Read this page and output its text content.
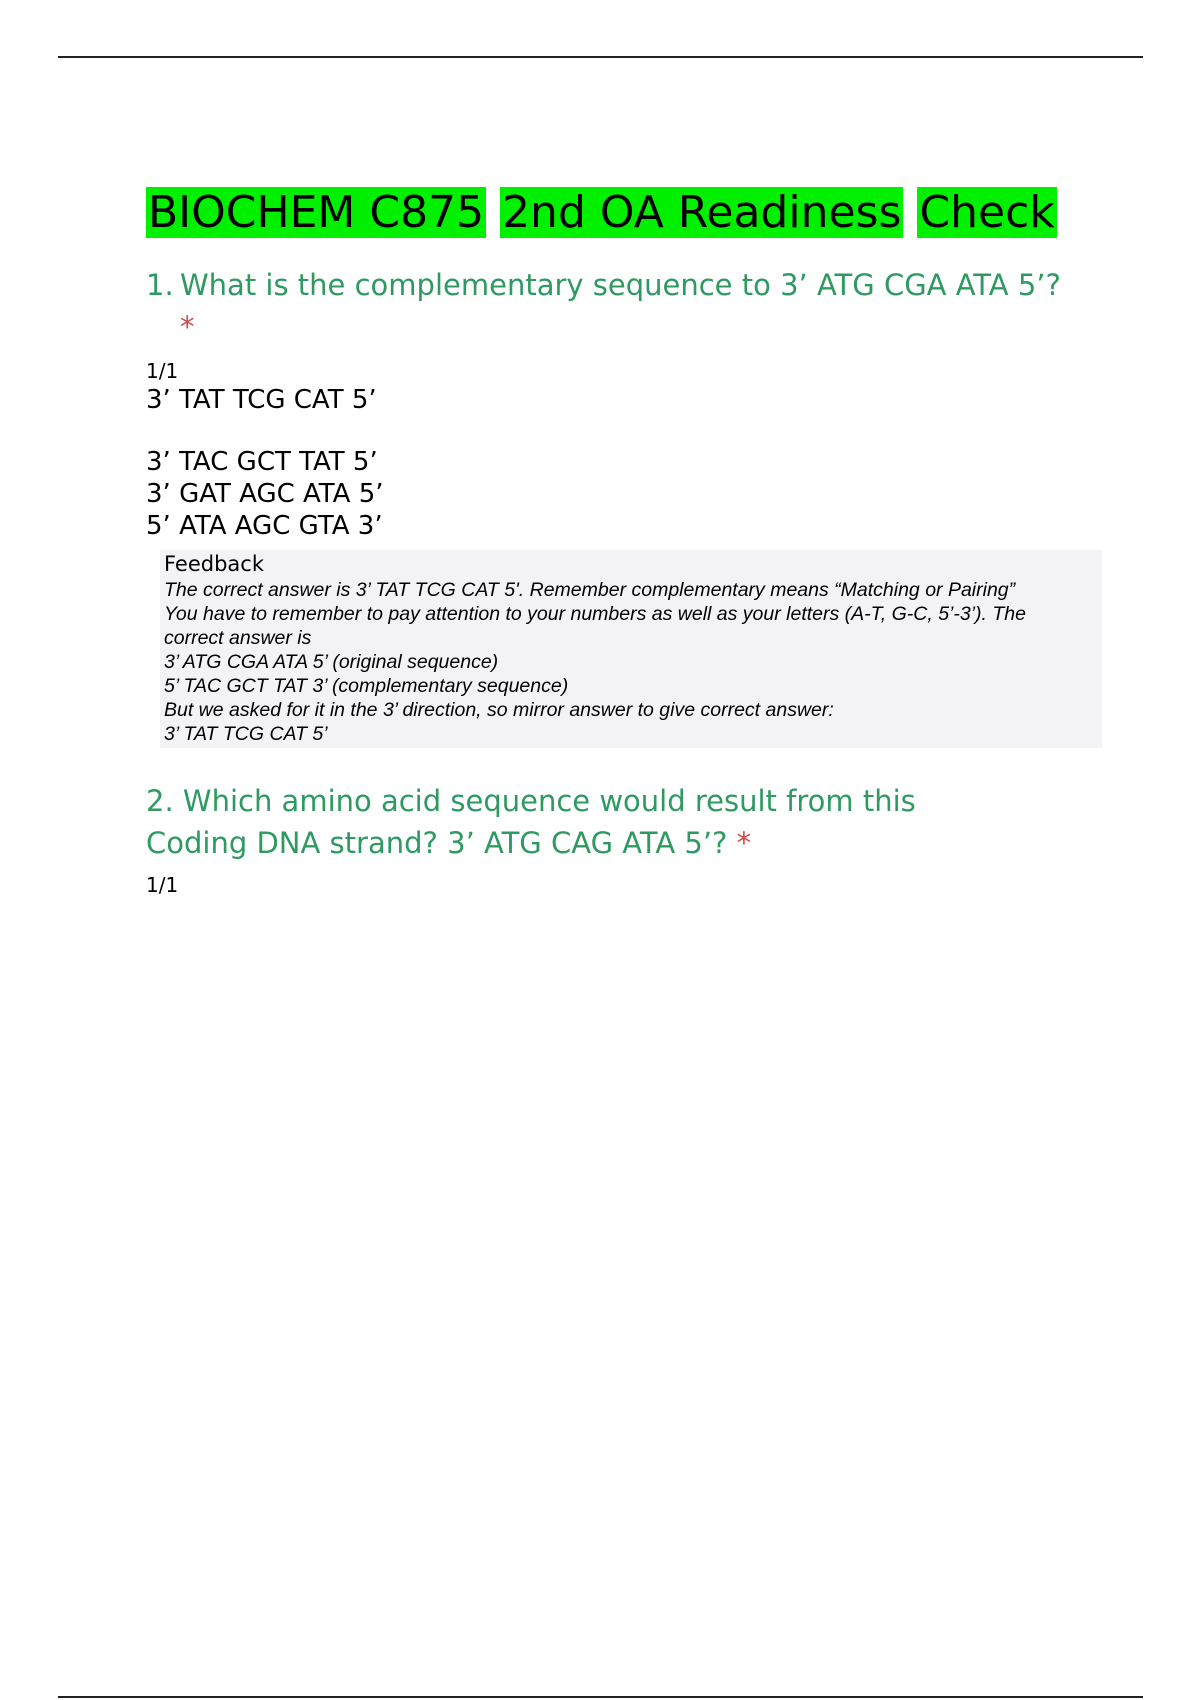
BIOCHEM C875 2nd OA Readiness Check
1. What is the complementary sequence to 3’ ATG CGA ATA 5’?
*

1/1

3’ TAT TCG CAT 5’

3’ TAC GCT TAT 5’

3’ GAT AGC ATA 5’

5’ ATA AGC GTA 3’

Feedback

The correct answer is 3’ TAT TCG CAT 5'. Remember complementary means “Matching or Pairing”

You have to remember to pay attention to your numbers as well as your letters (A-T, G-C, 5’-3’). The

correct answer is

3’ ATG CGA ATA 5’ (original sequence)

5’ TAC GCT TAT 3’ (complementary sequence)

But we asked for it in the 3’ direction, so mirror answer to give correct answer:

3’ TAT TCG CAT 5’

2. Which amino acid sequence would result from this
Coding DNA strand? 3’ ATG CAG ATA 5’? *

1/1
